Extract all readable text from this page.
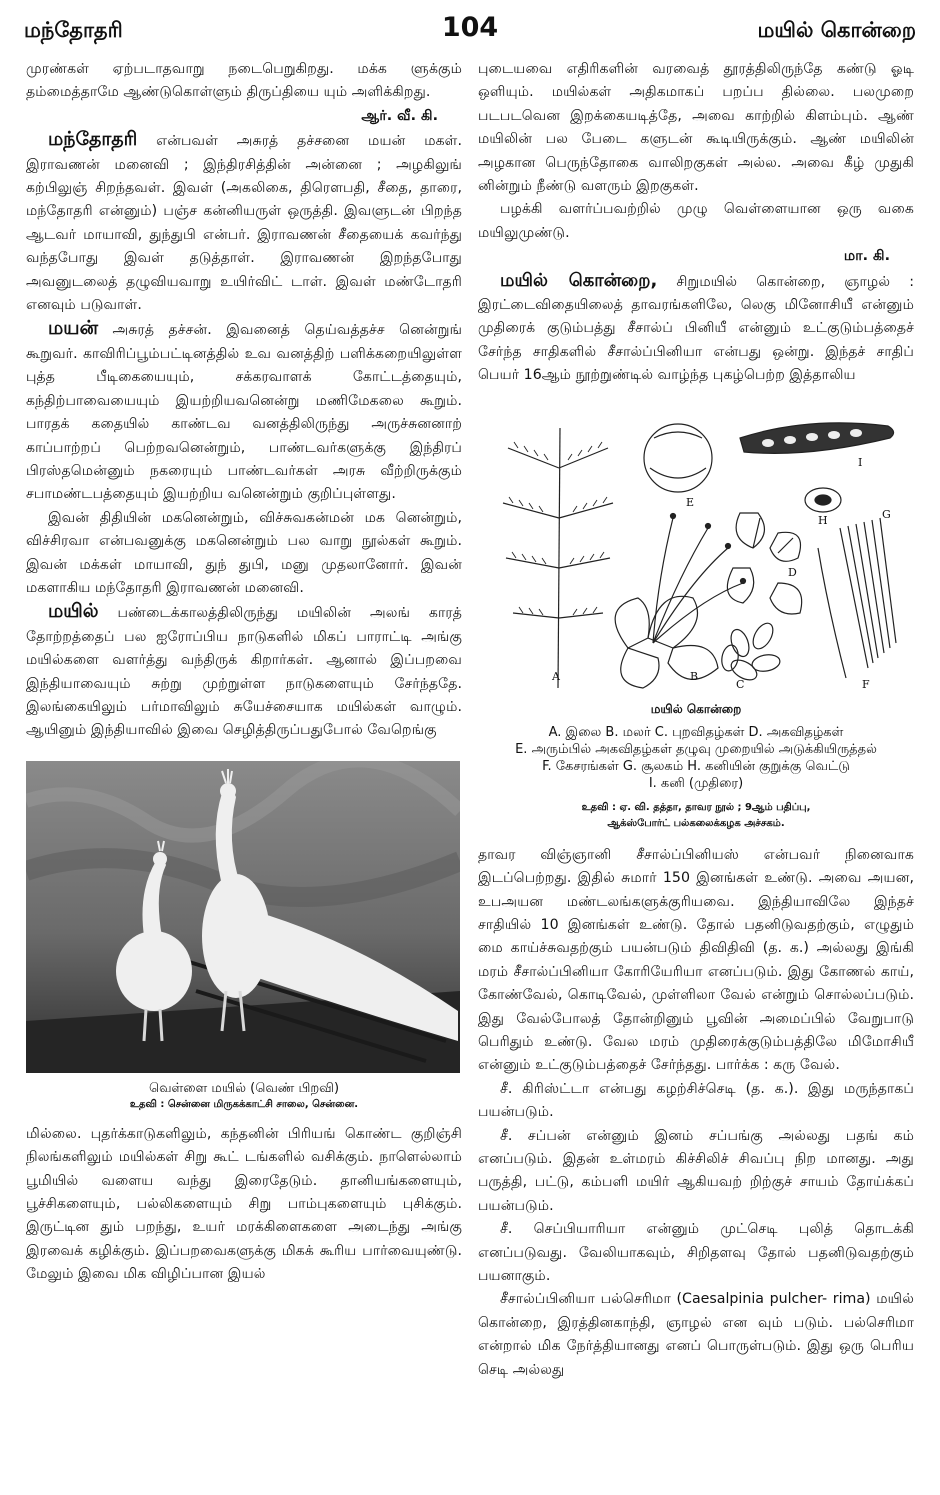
மந்தோதரி	104	மயில் கொன்றை

முரண்கள் ஏற்படாதவாறு நடைபெறுகிறது. மக்க ளுக்கும் தம்மைத்தாமே ஆண்டுகொள்ளும் திருப்தியை யும் அளிக்கிறது.
ஆர். வீ. கி.

மந்தோதரி என்பவள் அசுரத் தச்சனை மயன் மகள். இராவணன் மனைவி ; இந்திரசித்தின் அன்னை ; அழகிலுங் கற்பிலுஞ் சிறந்தவள். இவள் (அகலிகை, திரௌபதி, சீதை, தாரை, மந்தோதரி என்னும்) பஞ்ச கன்னியருள் ஒருத்தி. இவளுடன் பிறந்த ஆடவர் மாயாவி, துந்துபி என்பர். இராவணன் சீதையைக் கவர்ந்து வந்தபோது இவள் தடுத்தாள். இராவணன் இறந்தபோது அவனுடலைத் தழுவியவாறு உயிர்விட் டாள். இவள் மண்டோதரி எனவும் படுவாள்.

மயன் அசுரத் தச்சன். இவனைத் தெய்வத்தச்ச னென்றுங் கூறுவர். காவிரிப்பூம்பட்டினத்தில் உவ வனத்திற் பளிக்கறையிலுள்ள புத்த பீடிகையையும், சக்கரவாளக் கோட்டத்தையும், கந்திற்பாவையையும் இயற்றியவனென்று மணிமேகலை கூறும். பாரதக் கதையில் காண்டவ வனத்திலிருந்து அருச்சுனனாற் காப்பாற்றப் பெற்றவனென்றும், பாண்டவர்களுக்கு இந்திரப் பிரஸ்தமென்னும் நகரையும் பாண்டவர்கள் அரசு வீற்றிருக்கும் சபாமண்டபத்தையும் இயற்றிய வனென்றும் குறிப்புள்ளது.

இவன் திதியின் மகனென்றும், விச்சுவகன்மன் மக னென்றும், விச்சிரவா என்பவனுக்கு மகனென்றும் பல வாறு நூல்கள் கூறும். இவன் மக்கள் மாயாவி, துந் துபி, மனு முதலானோர். இவன் மகளாகிய மந்தோதரி இராவணன் மனைவி.

மயில் பண்டைக்காலத்திலிருந்து மயிலின் அலங் காரத் தோற்றத்தைப் பல ஐரோப்பிய நாடுகளில் மிகப் பாராட்டி அங்கு மயில்களை வளர்த்து வந்திருக் கிறார்கள். ஆனால் இப்பறவை இந்தியாவையும் சுற்று முற்றுள்ள நாடுகளையும் சேர்ந்ததே. இலங்கையிலும் பர்மாவிலும் சுயேச்சையாக மயில்கள் வாழும். ஆயினும் இந்தியாவில் இவை செழித்திருப்பதுபோல் வேறெங்கு

வெள்ளை மயில் (வெண் பிறவி)

உதவி : சென்னை மிருகக்காட்சி சாலை, சென்னை.

மில்லை. புதர்க்காடுகளிலும், கந்தனின் பிரியங் கொண்ட குறிஞ்சி நிலங்களிலும் மயில்கள் சிறு கூட் டங்களில் வசிக்கும். நாளெல்லாம் பூமியில் வளைய வந்து இரைதேடும். தானியங்களையும், பூச்சிகளையும், பல்லிகளையும் சிறு பாம்புகளையும் புசிக்கும். இருட்டின தும் பறந்து, உயர் மரக்கிளைகளை அடைந்து அங்கு இரவைக் கழிக்கும். இப்பறவைகளுக்கு மிகக் கூரிய பார்வையுண்டு. மேலும் இவை மிக விழிப்பான இயல்

புடையவை எதிரிகளின் வரவைத் தூரத்திலிருந்தே கண்டு ஓடி ஒளியும். மயில்கள் அதிகமாகப் பறப்ப தில்லை. பலமுறை படபடவென இறக்கையடித்தே, அவை காற்றில் கிளம்பும். ஆண் மயிலின் பல பேடை களுடன் கூடியிருக்கும். ஆண் மயிலின் அழகான பெருந்தோகை வாலிறகுகள் அல்ல. அவை கீழ் முதுகி னின்றும் நீண்டு வளரும் இறகுகள்.

பழக்கி வளர்ப்பவற்றில் முழு வெள்ளையான ஒரு வகை மயிலுமுண்டு.
மா. கி.

மயில் கொன்றை, சிறுமயில் கொன்றை, ஞாழல் : இரட்டைவிதையிலைத் தாவரங்களிலே, லெகு மினோசியீ என்னும் முதிரைக் குடும்பத்து சீசால்ப் பினியீ என்னும் உட்குடும்பத்தைச் சேர்ந்த சாதிகளில் சீசால்ப்பினியா என்பது ஒன்று. இந்தச் சாதிப் பெயர் 16ஆம் நூற்றுண்டில் வாழ்ந்த புகழ்பெற்ற இத்தாலிய

A	B
C
D
E
F
G
H
I

மயில் கொன்றை

A. இலை B. மலர் C. புறவிதழ்கள் D. அகவிதழ்கள்

E. அரும்பில் அகவிதழ்கள் தழுவு முறையில் அடுக்கியிருத்தல்

F. கேசரங்கள் G. சூலகம் H. கனியின் குறுக்கு வெட்டு

I. கனி (முதிரை)

உதவி : ஏ. வி. தத்தா, தாவர நூல் ; 9ஆம் பதிப்பு,
ஆக்ஸ்போர்ட் பல்கலைக்கழக அச்சகம்.

தாவர விஞ்ஞானி சீசால்ப்பினியஸ் என்பவர் நினைவாக இடப்பெற்றது. இதில் சுமார் 150 இனங்கள் உண்டு. அவை அயன, உபஅயன மண்டலங்களுக்குரியவை. இந்தியாவிலே இந்தச் சாதியில் 10 இனங்கள் உண்டு. தோல் பதனிடுவதற்கும், எழுதும் மை காய்ச்சுவதற்கும் பயன்படும் திவிதிவி (த. க.) அல்லது இங்கி மரம் சீசால்ப்பினியா கோரியேரியா எனப்படும். இது கோணல் காய், கோண்வேல், கொடிவேல், முள்ளிலா வேல் என்றும் சொல்லப்படும். இது வேல்போலத் தோன்றினும் பூவின் அமைப்பில் வேறுபாடு பெரிதும் உண்டு. வேல மரம் முதிரைக்குடும்பத்திலே மிமோசியீ என்னும் உட்குடும்பத்தைச் சேர்ந்தது. பார்க்க : கரு வேல்.

சீ. கிரிஸ்ட்டா என்பது கழற்சிச்செடி (த. க.). இது மருந்தாகப் பயன்படும்.

சீ. சப்பன் என்னும் இனம் சப்பங்கு அல்லது பதங் கம் எனப்படும். இதன் உள்மரம் கிச்சிலிச் சிவப்பு நிற மானது. அது பருத்தி, பட்டு, கம்பளி மயிர் ஆகியவற் றிற்குச் சாயம் தோய்க்கப் பயன்படும்.

சீ. செப்பியாரியா என்னும் முட்செடி புலித் தொடக்கி எனப்படுவது. வேலியாகவும், சிறிதளவு தோல் பதனிடுவதற்கும் பயனாகும்.

சீசால்ப்பினியா பல்செரிமா (Caesalpinia pulcher- rima) மயில் கொன்றை, இரத்தினகாந்தி, ஞாழல் என வும் படும். பல்செரிமா என்றால் மிக நேர்த்தியானது எனப் பொருள்படும். இது ஒரு பெரிய செடி அல்லது
